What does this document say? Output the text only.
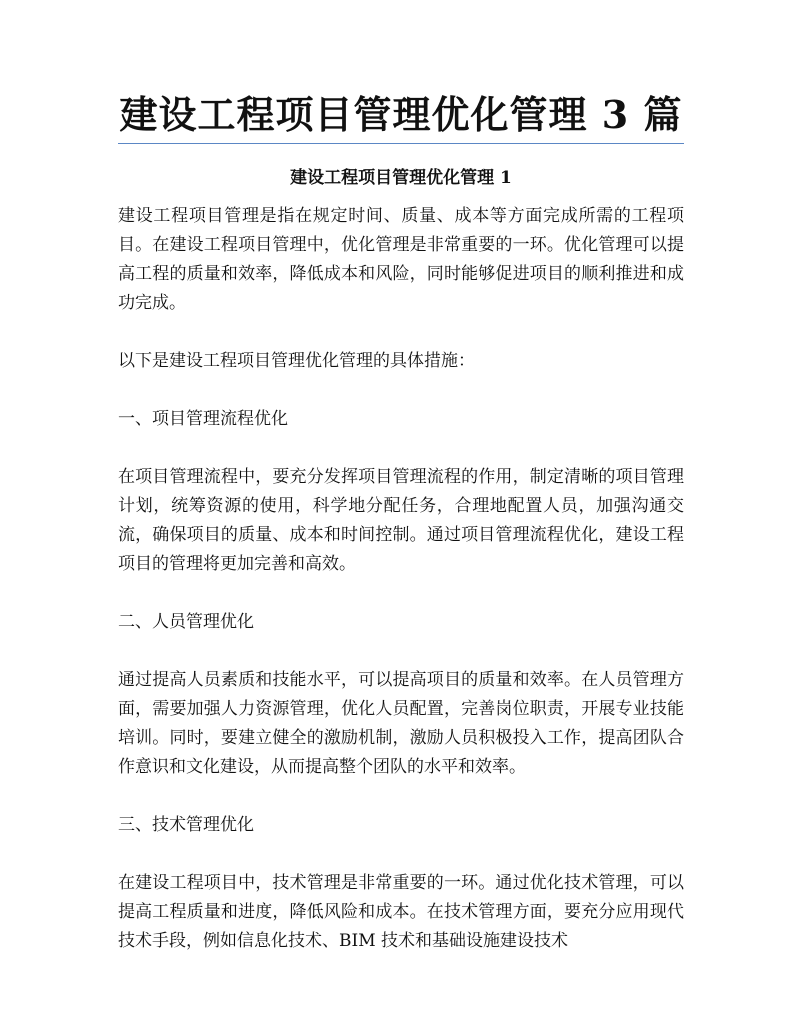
建设工程项目管理优化管理 3 篇
建设工程项目管理优化管理 1

建设工程项目管理是指在规定时间、质量、成本等方面完成所需的工程项目。在建设工程项目管理中，优化管理是非常重要的一环。优化管理可以提高工程的质量和效率，降低成本和风险，同时能够促进项目的顺利推进和成功完成。

以下是建设工程项目管理优化管理的具体措施：

一、项目管理流程优化

在项目管理流程中，要充分发挥项目管理流程的作用，制定清晰的项目管理计划，统筹资源的使用，科学地分配任务，合理地配置人员，加强沟通交流，确保项目的质量、成本和时间控制。通过项目管理流程优化，建设工程项目的管理将更加完善和高效。

二、人员管理优化

通过提高人员素质和技能水平，可以提高项目的质量和效率。在人员管理方面，需要加强人力资源管理，优化人员配置，完善岗位职责，开展专业技能培训。同时，要建立健全的激励机制，激励人员积极投入工作，提高团队合作意识和文化建设，从而提高整个团队的水平和效率。

三、技术管理优化

在建设工程项目中，技术管理是非常重要的一环。通过优化技术管理，可以提高工程质量和进度，降低风险和成本。在技术管理方面，要充分应用现代技术手段，例如信息化技术、BIM 技术和基础设施建设技术
